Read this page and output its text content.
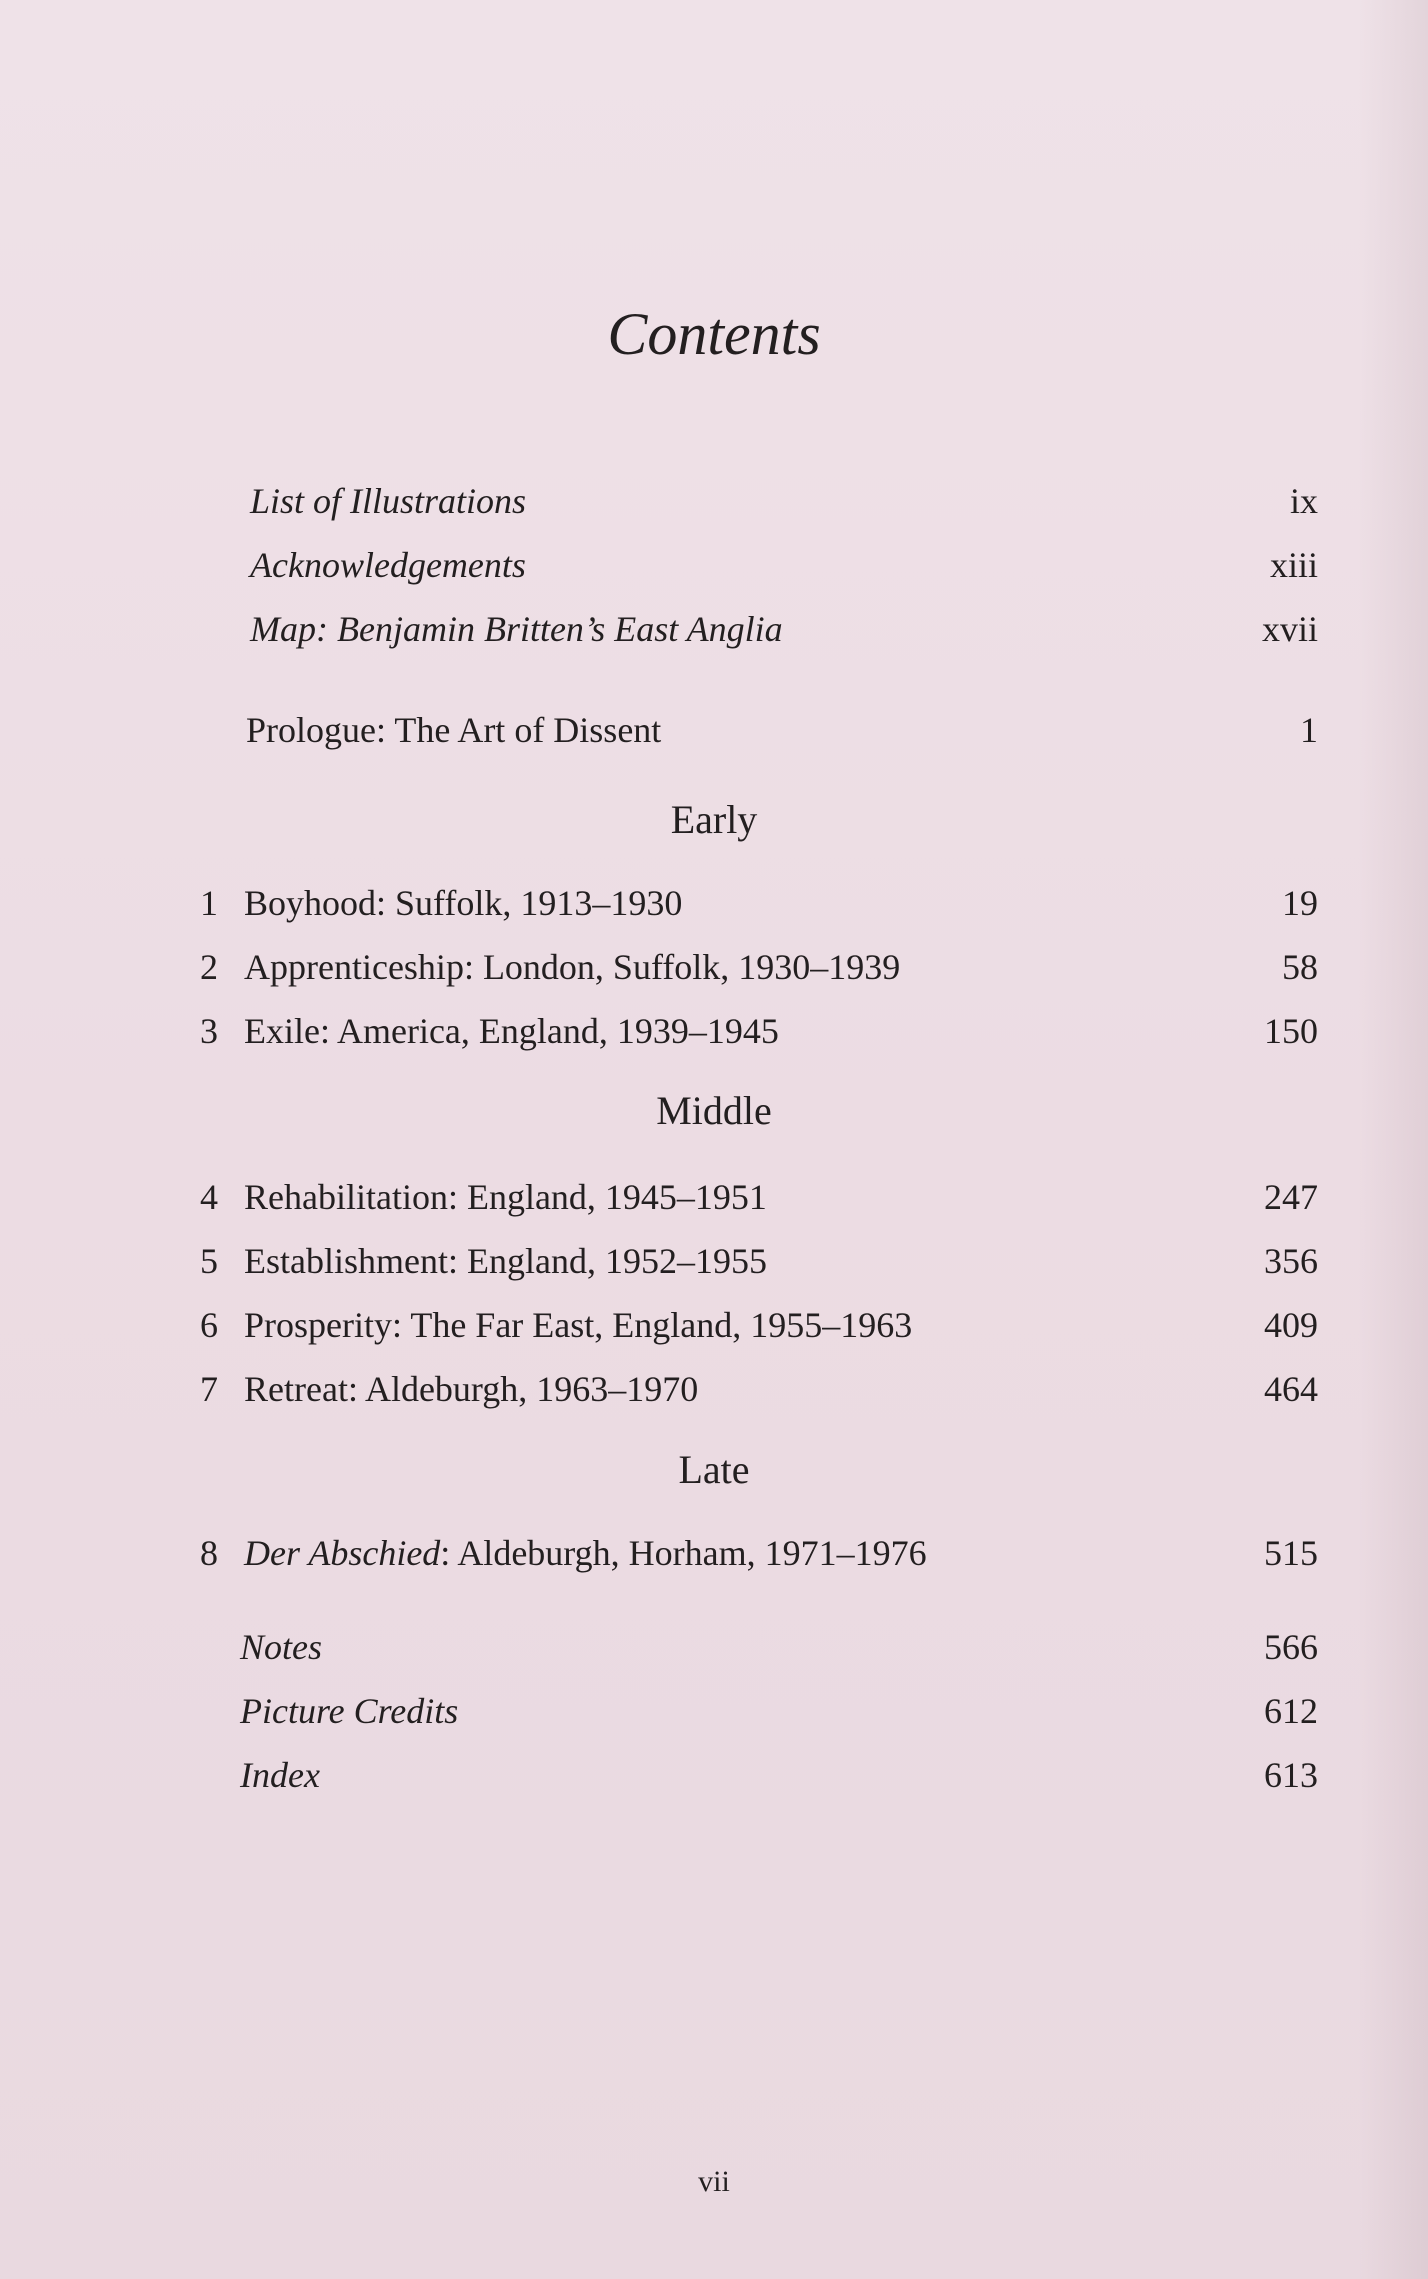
Contents
List of Illustrations	ix
Acknowledgements	xiii
Map: Benjamin Britten’s East Anglia	xvii
Prologue: The Art of Dissent	1
Early
1 Boyhood: Suffolk, 1913–1930	19
2 Apprenticeship: London, Suffolk, 1930–1939	58
3 Exile: America, England, 1939–1945	150
Middle
4 Rehabilitation: England, 1945–1951	247
5 Establishment: England, 1952–1955	356
6 Prosperity: The Far East, England, 1955–1963	409
7 Retreat: Aldeburgh, 1963–1970	464
Late
8 Der Abschied: Aldeburgh, Horham, 1971–1976	515
Notes	566
Picture Credits	612
Index	613
vii
